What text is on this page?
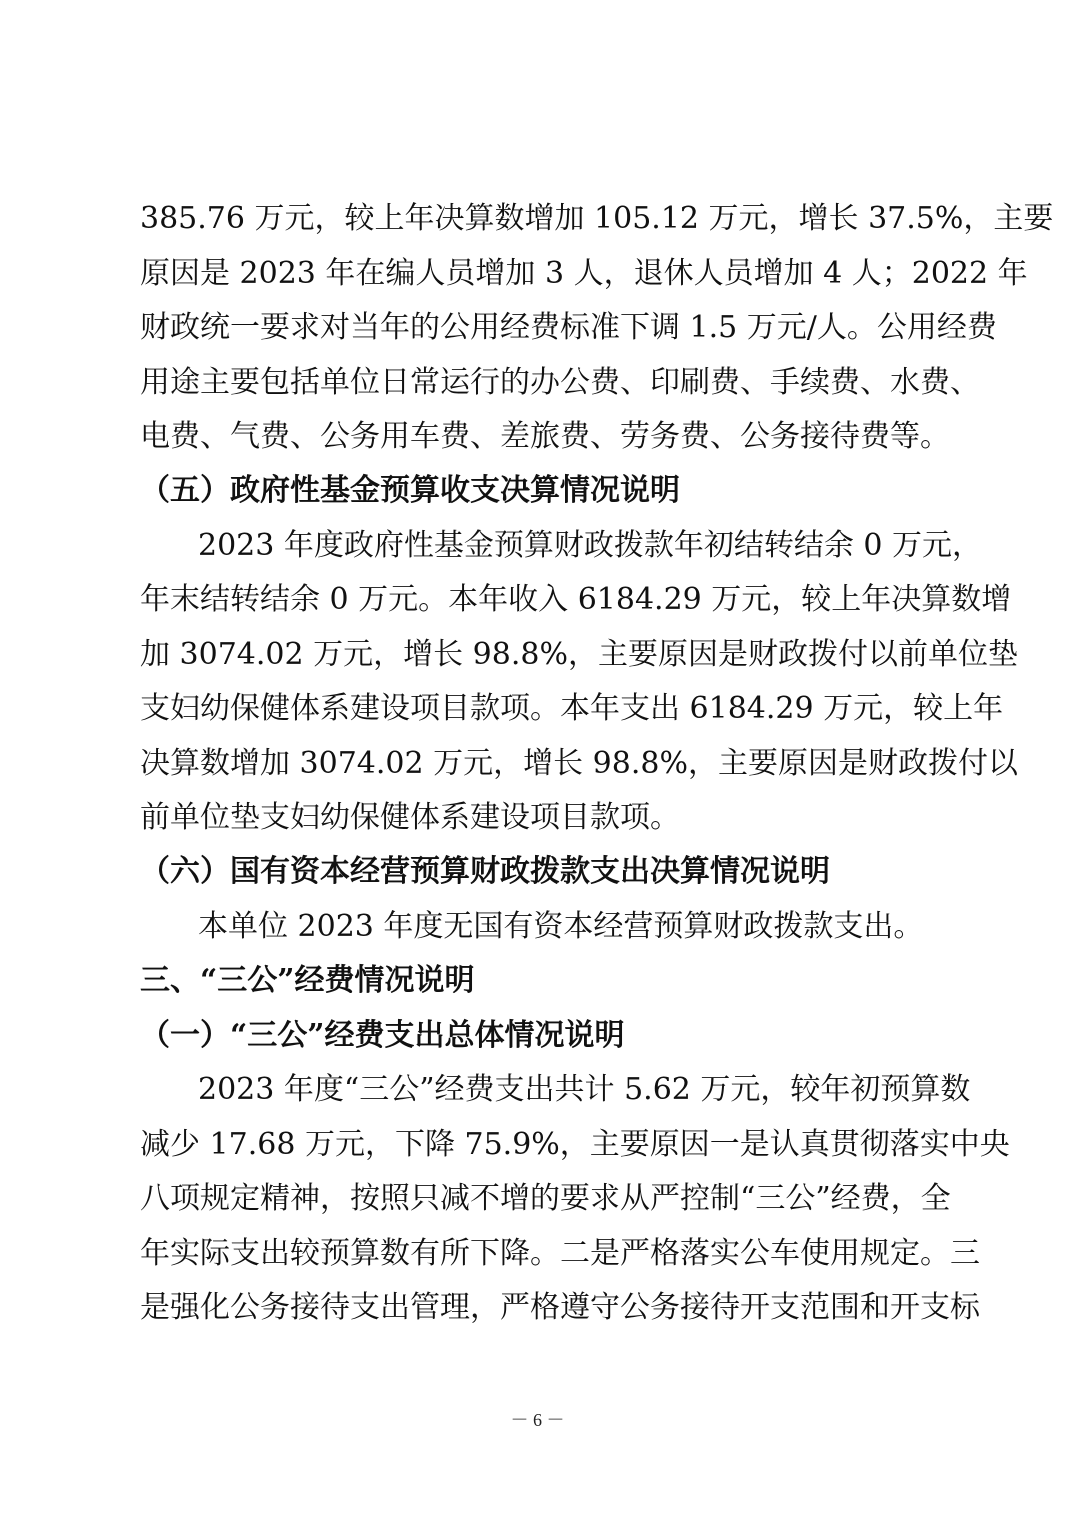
385.76 万元，较上年决算数增加 105.12 万元，增长 37.5%，主要
原因是 2023 年在编人员增加 3 人，退休人员增加 4 人；2022 年
财政统一要求对当年的公用经费标准下调 1.5 万元/人。公用经费
用途主要包括单位日常运行的办公费、印刷费、手续费、水费、
电费、气费、公务用车费、差旅费、劳务费、公务接待费等。
（五）政府性基金预算收支决算情况说明
2023 年度政府性基金预算财政拨款年初结转结余 0 万元，
年末结转结余 0 万元。本年收入 6184.29 万元，较上年决算数增
加 3074.02 万元，增长 98.8%，主要原因是财政拨付以前单位垫
支妇幼保健体系建设项目款项。本年支出 6184.29 万元，较上年
决算数增加 3074.02 万元，增长 98.8%，主要原因是财政拨付以
前单位垫支妇幼保健体系建设项目款项。
（六）国有资本经营预算财政拨款支出决算情况说明
本单位 2023 年度无国有资本经营预算财政拨款支出。
三、“三公”经费情况说明
（一）“三公”经费支出总体情况说明
2023 年度“三公”经费支出共计 5.62 万元，较年初预算数
减少 17.68 万元，下降 75.9%，主要原因一是认真贯彻落实中央
八项规定精神，按照只减不增的要求从严控制“三公”经费，全
年实际支出较预算数有所下降。二是严格落实公车使用规定。三
是强化公务接待支出管理，严格遵守公务接待开支范围和开支标
－ 6 －
